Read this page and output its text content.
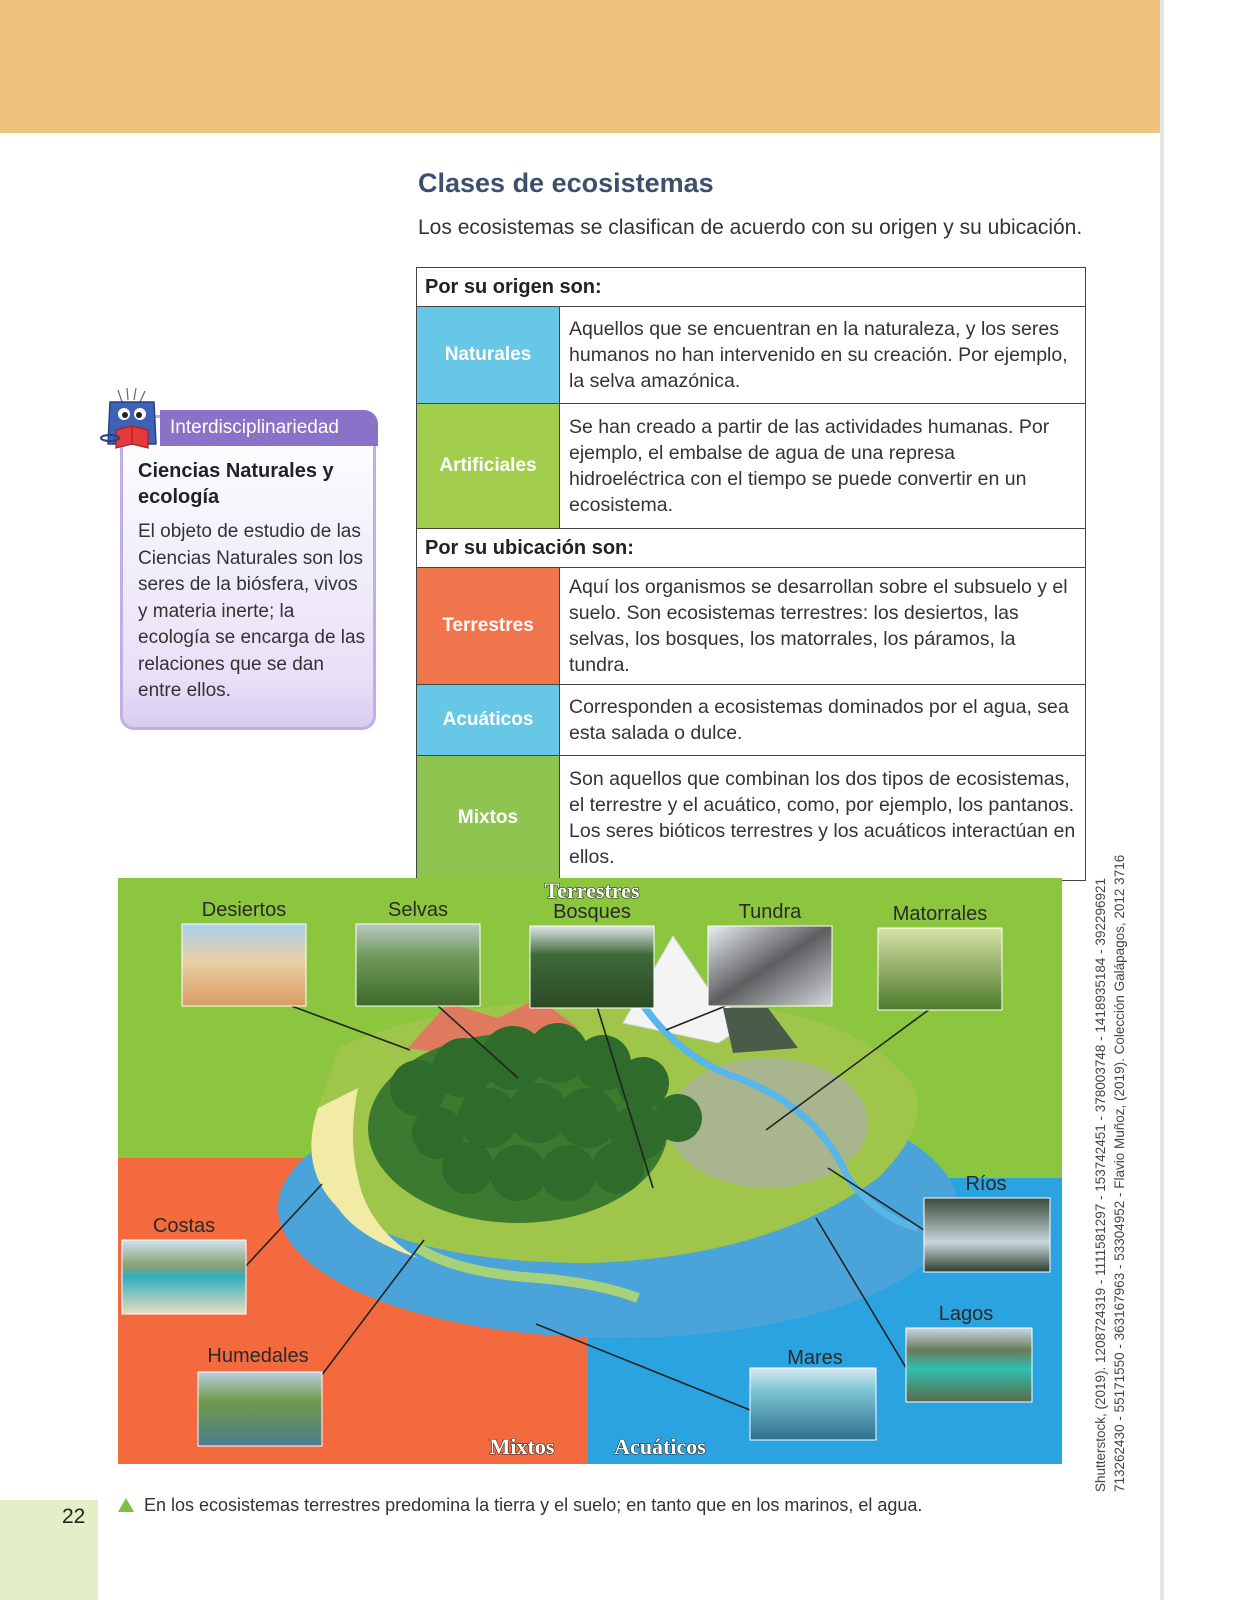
Clases de ecosistemas

Los ecosistemas se clasifican de acuerdo con su origen y su ubicación.

Por su origen son:	
Naturales	Aquellos que se encuentran en la naturaleza, y los seres humanos no han intervenido en su creación. Por ejemplo, la selva amazónica.
Artificiales	Se han creado a partir de las actividades humanas. Por ejemplo, el embalse de agua de una represa hidroeléctrica con el tiempo se puede convertir en un ecosistema.
Por su ubicación son:	
Terrestres	Aquí los organismos se desarrollan sobre el subsuelo y el suelo. Son ecosistemas terrestres: los desiertos, las selvas, los bosques, los matorrales, los páramos, la tundra.
Acuáticos	Corresponden a ecosistemas dominados por el agua, sea esta salada o dulce.
Mixtos	Son aquellos que combinan los dos tipos de ecosistemas, el terrestre y el acuático, como, por ejemplo, los pantanos. Los seres bióticos terrestres y los acuáticos interactúan en ellos.
Interdisciplinariedad

Ciencias Naturales y ecología

El objeto de estudio de las Ciencias Naturales son los seres de la biósfera, vivos y materia inerte; la ecología se encarga de las relaciones que se dan entre ellos.

Desiertos	Selvas	Bosques	Tundra	Matorrales
Costas
Humedales	Mares
Ríos
Lagos
Terrestres
Mixtos	Acuáticos
En los ecosistemas terrestres predomina la tierra y el suelo; en tanto que en los marinos, el agua.
22
Shutterstock, (2019). 1208724319 - 1111581297 - 153742451 - 378003748 - 1418935184 - 392296921 713262430 - 55171550 - 363167963 - 53304952 - Flavio Muñoz, (2019). Colección Galápagos, 2012 3716
